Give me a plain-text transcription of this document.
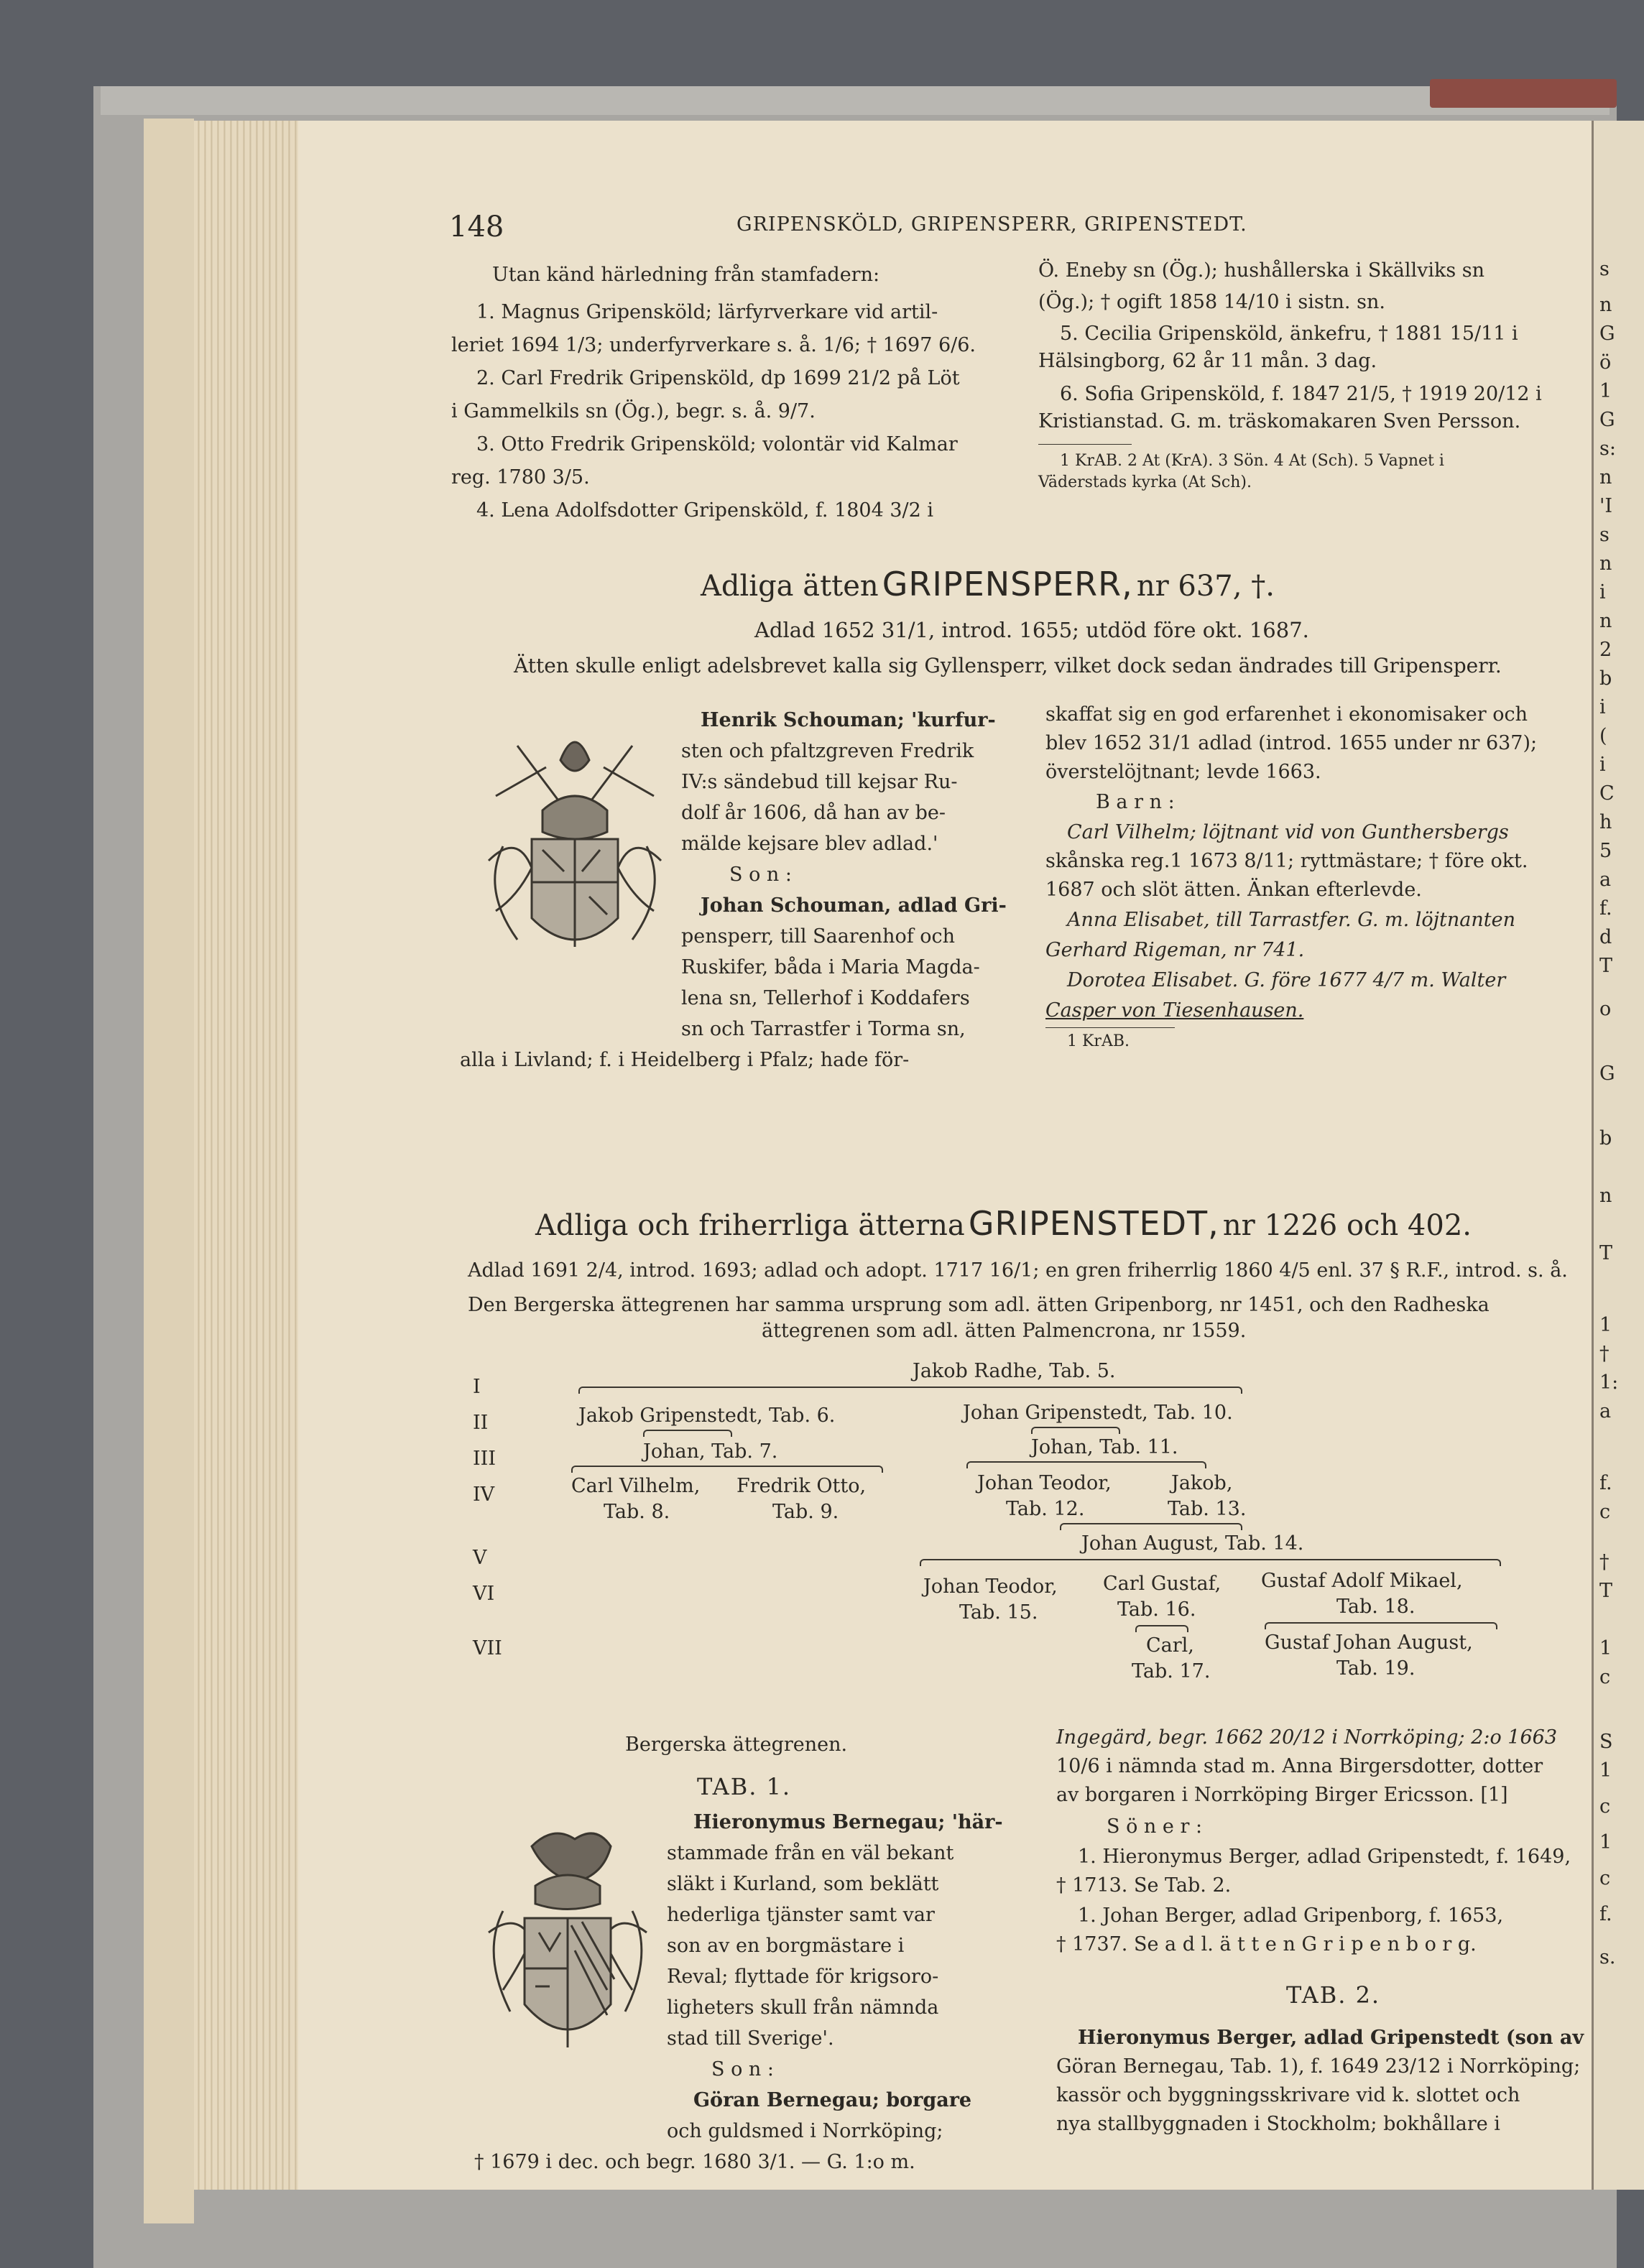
148	GRIPENSKÖLD, GRIPENSPERR, GRIPENSTEDT.
Utan känd härledning från stamfadern:
1. Magnus Gripensköld; lärfyrverkare vid artil-
leriet 1694 1/3; underfyrverkare s. å. 1/6; † 1697 6/6.
2. Carl Fredrik Gripensköld, dp 1699 21/2 på Löt
i Gammelkils sn (Ög.), begr. s. å. 9/7.
3. Otto Fredrik Gripensköld; volontär vid Kalmar
reg. 1780 3/5.
4. Lena Adolfsdotter Gripensköld, f. 1804 3/2 i
Ö. Eneby sn (Ög.); hushållerska i Skällviks sn
(Ög.); † ogift 1858 14/10 i sistn. sn.
5. Cecilia Gripensköld, änkefru, † 1881 15/11 i
Hälsingborg, 62 år 11 mån. 3 dag.
6. Sofia Gripensköld, f. 1847 21/5, † 1919 20/12 i
Kristianstad. G. m. träskomakaren Sven Persson.
1 KrAB. 2 At (KrA). 3 Sön. 4 At (Sch). 5 Vapnet i
Väderstads kyrka (At Sch).
Adliga ätten GRIPENSPERR, nr 637, †.
Adlad 1652 31/1, introd. 1655; utdöd före okt. 1687.
Ätten skulle enligt adelsbrevet kalla sig Gyllensperr, vilket dock sedan ändrades till Gripensperr.
Henrik Schouman; 'kurfur-
sten och pfaltzgreven Fredrik
IV:s sändebud till kejsar Ru-
dolf år 1606, då han av be-
mälde kejsare blev adlad.'
S o n :
Johan Schouman, adlad Gri-
pensperr, till Saarenhof och
Ruskifer, båda i Maria Magda-
lena sn, Tellerhof i Koddafers
sn och Tarrastfer i Torma sn,
alla i Livland; f. i Heidelberg i Pfalz; hade för-
skaffat sig en god erfarenhet i ekonomisaker och
blev 1652 31/1 adlad (introd. 1655 under nr 637);
överstelöjtnant; levde 1663.
B a r n :
Carl Vilhelm; löjtnant vid von Gunthersbergs
skånska reg.1 1673 8/11; ryttmästare; † före okt.
1687 och slöt ätten. Änkan efterlevde.
Anna Elisabet, till Tarrastfer. G. m. löjtnanten
Gerhard Rigeman, nr 741.
Dorotea Elisabet. G. före 1677 4/7 m. Walter
Casper von Tiesenhausen.
1 KrAB.
Adliga och friherrliga ätterna GRIPENSTEDT, nr 1226 och 402.
Adlad 1691 2/4, introd. 1693; adlad och adopt. 1717 16/1; en gren friherrlig 1860 4/5 enl. 37 § R.F., introd. s. å.
Den Bergerska ättegrenen har samma ursprung som adl. ätten Gripenborg, nr 1451, och den Radheska
ättegrenen som adl. ätten Palmencrona, nr 1559.
I
II
III
IV
V
VI
VII
Jakob Radhe, Tab. 5.
Jakob Gripenstedt, Tab. 6.	Johan Gripenstedt, Tab. 10.
Johan, Tab. 7.	Johan, Tab. 11.
Carl Vilhelm,
Tab. 8.
Fredrik Otto,
Tab. 9.
Johan Teodor,
Tab. 12.
Jakob,
Tab. 13.
Johan August, Tab. 14.
Johan Teodor,
Tab. 15.
Carl Gustaf,
Tab. 16.
Gustaf Adolf Mikael,
Tab. 18.
Carl,
Tab. 17.
Gustaf Johan August,
Tab. 19.
Bergerska ättegrenen.
TAB. 1.
Hieronymus Bernegau; 'här-
stammade från en väl bekant
släkt i Kurland, som beklätt
hederliga tjänster samt var
son av en borgmästare i
Reval; flyttade för krigsoro-
ligheters skull från nämnda
stad till Sverige'.
S o n :
Göran Bernegau; borgare
och guldsmed i Norrköping;
† 1679 i dec. och begr. 1680 3/1. — G. 1:o m.
Ingegärd, begr. 1662 20/12 i Norrköping; 2:o 1663
10/6 i nämnda stad m. Anna Birgersdotter, dotter
av borgaren i Norrköping Birger Ericsson. [1]
S ö n e r :
1. Hieronymus Berger, adlad Gripenstedt, f. 1649,
† 1713. Se Tab. 2.
1. Johan Berger, adlad Gripenborg, f. 1653,
† 1737. Se a d l. ä t t e n G r i p e n b o r g.
TAB. 2.
Hieronymus Berger, adlad Gripenstedt (son av
Göran Bernegau, Tab. 1), f. 1649 23/12 i Norrköping;
kassör och byggningsskrivare vid k. slottet och
nya stallbyggnaden i Stockholm; bokhållare i
s
n
G
ö
1
G
s:
n
'I
s
n
i
n
2
b
i
(
i
C
h
5
a
f.
d
T
o
G
b
n
T
1
†
1:
a
f.
c
†
T
1
c
S
1
c
1
c
f.
s.
